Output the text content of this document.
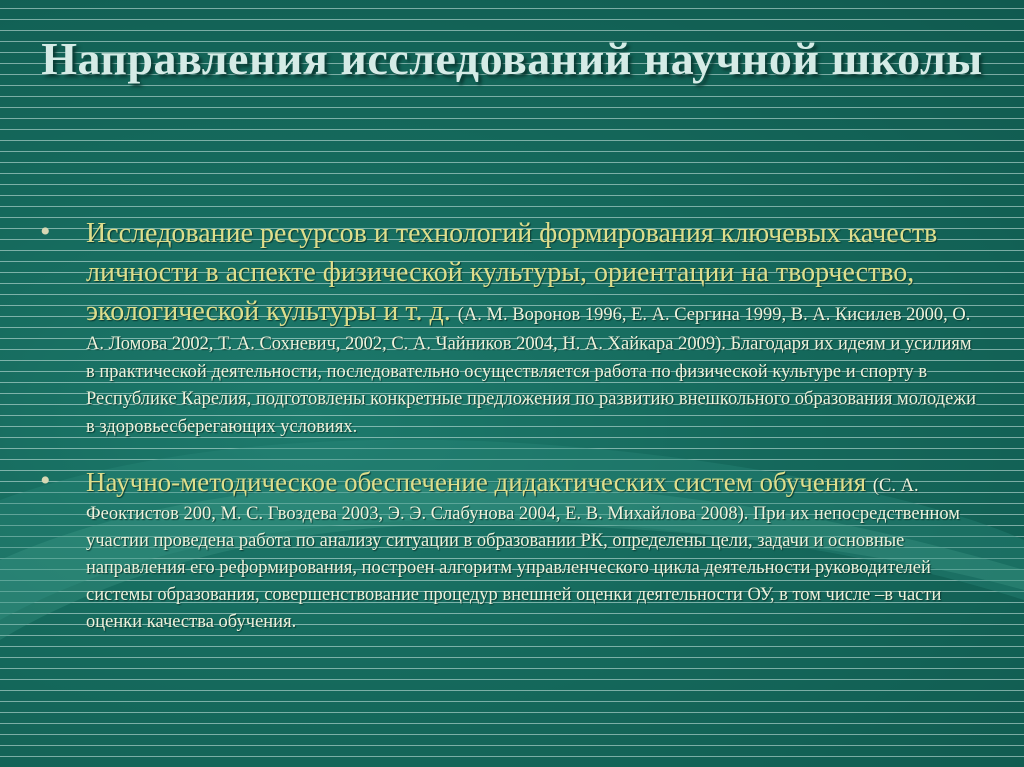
Направления исследований научной школы
• Исследование ресурсов и технологий формирования ключевых качеств личности в аспекте физической культуры, ориентации на творчество, экологической культуры и т. д. (А. М. Воронов 1996, Е. А. Сергина 1999, В. А. Кисилев 2000, О. А. Ломова 2002, Т. А. Сохневич, 2002, С. А. Чайников 2004, Н. А. Хайкара 2009). Благодаря их идеям и усилиям в практической деятельности, последовательно осуществляется работа по физической культуре и спорту в Республике Карелия, подготовлены конкретные предложения по развитию внешкольного образования молодежи в здоровьесберегающих условиях.
• Научно-методическое обеспечение дидактических систем обучения (С. А. Феоктистов 200, М. С. Гвоздева 2003, Э. Э. Слабунова 2004, Е. В. Михайлова 2008). При их непосредственном участии проведена работа по анализу ситуации в образовании РК, определены цели, задачи и основные направления его реформирования, построен алгоритм управленческого цикла деятельности руководителей системы образования, совершенствование процедур внешней оценки деятельности ОУ, в том числе –в части оценки качества обучения.
